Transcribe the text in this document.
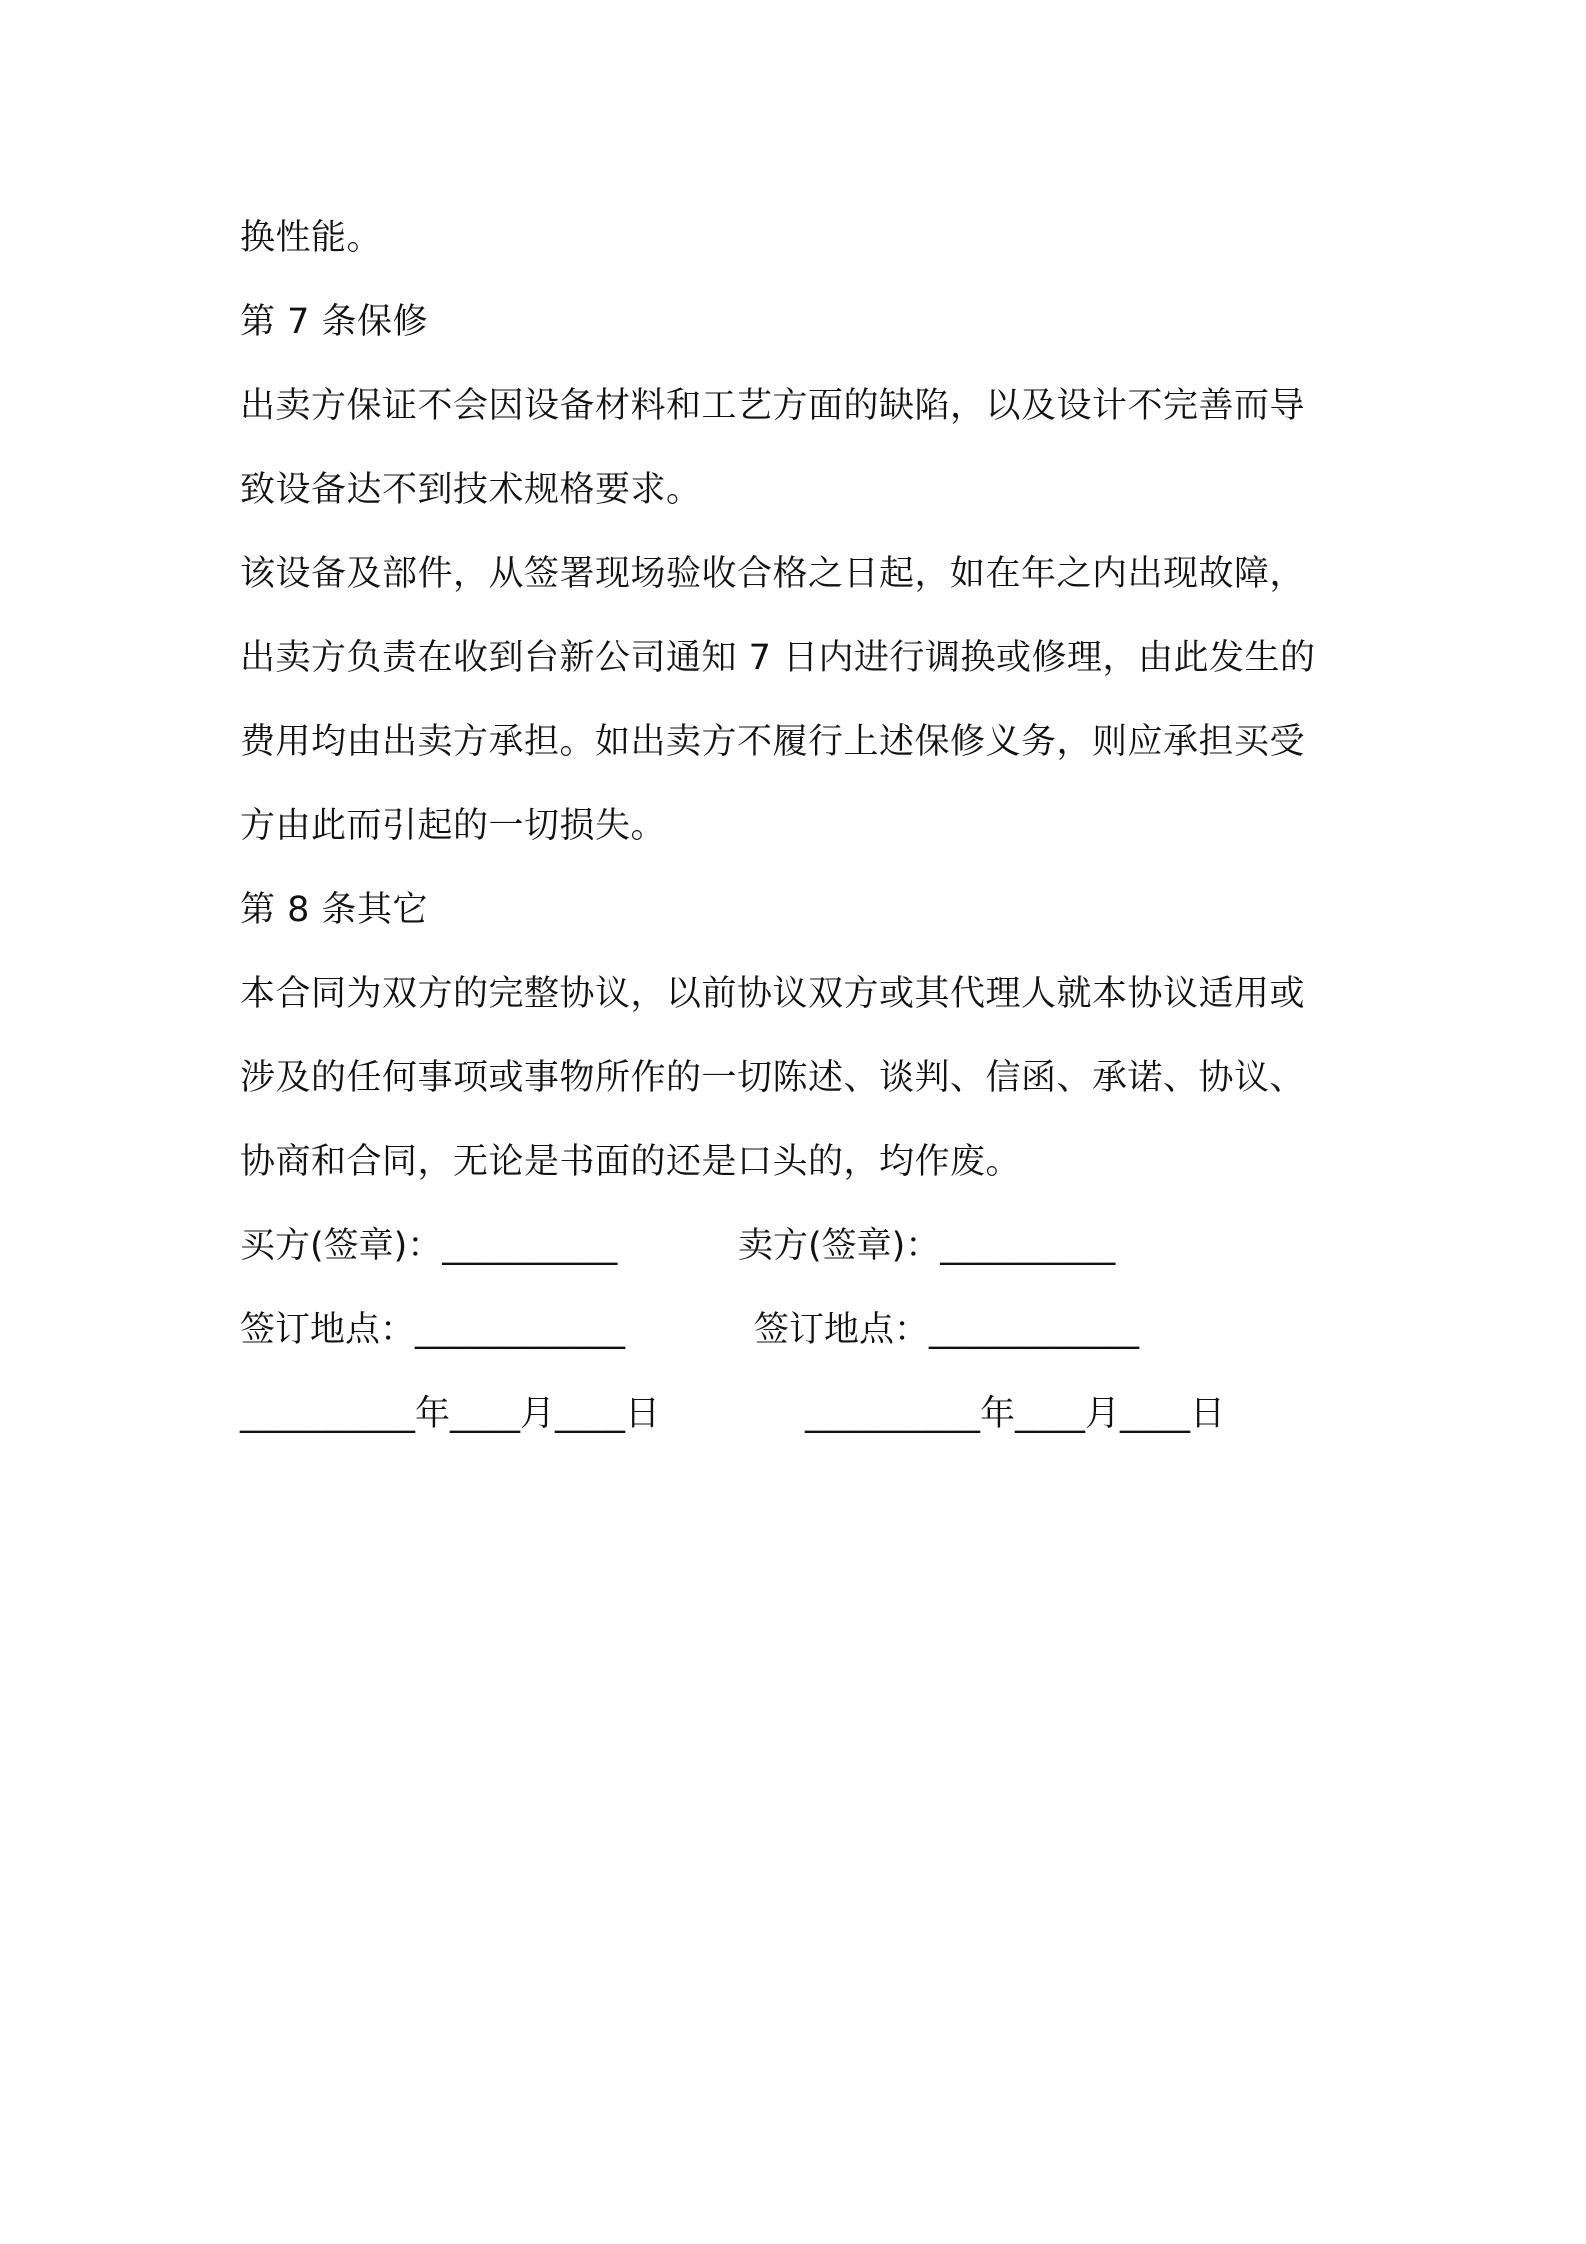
换性能。
第 7 条保修
出卖方保证不会因设备材料和工艺方面的缺陷，以及设计不完善而导
致设备达不到技术规格要求。
该设备及部件，从签署现场验收合格之日起，如在年之内出现故障，
出卖方负责在收到台新公司通知 7 日内进行调换或修理，由此发生的
费用均由出卖方承担。如出卖方不履行上述保修义务，则应承担买受
方由此而引起的一切损失。
第 8 条其它
本合同为双方的完整协议，以前协议双方或其代理人就本协议适用或
涉及的任何事项或事物所作的一切陈述、谈判、信函、承诺、协议、
协商和合同，无论是书面的还是口头的，均作废。
买方(签章)：__________	卖方(签章)：__________
签订地点：____________	签订地点：____________
__________年____月____日	__________年____月____日
